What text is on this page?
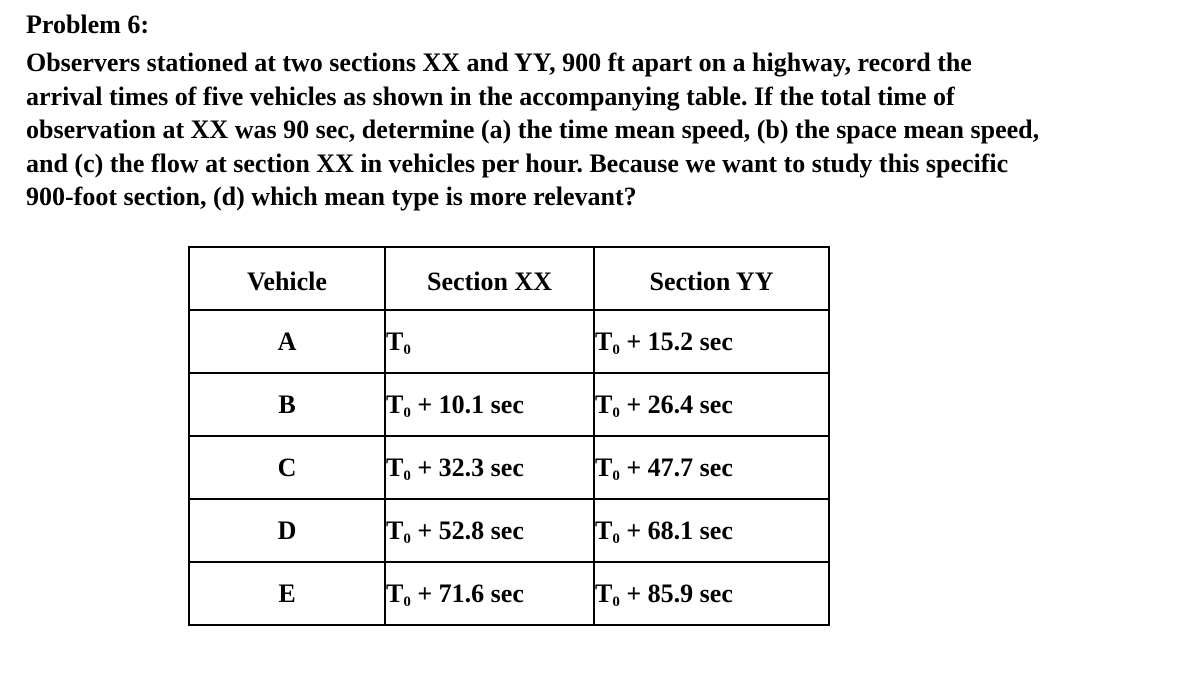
Problem 6:
Observers stationed at two sections XX and YY, 900 ft apart on a highway, record the
arrival times of five vehicles as shown in the accompanying table. If the total time of
observation at XX was 90 sec, determine (a) the time mean speed, (b) the space mean speed,
and (c) the flow at section XX in vehicles per hour. Because we want to study this specific
900-foot section, (d) which mean type is more relevant?
Vehicle	Section XX	Section YY
A	$T_0$	$T_0 + 15.2$ sec
B	$T_0 + 10.1$ sec	$T_0 + 26.4$ sec
C	$T_0 + 32.3$ sec	$T_0 + 47.7$ sec
D	$T_0 + 52.8$ sec	$T_0 + 68.1$ sec
E	$T_0 + 71.6$ sec	$T_0 + 85.9$ sec
